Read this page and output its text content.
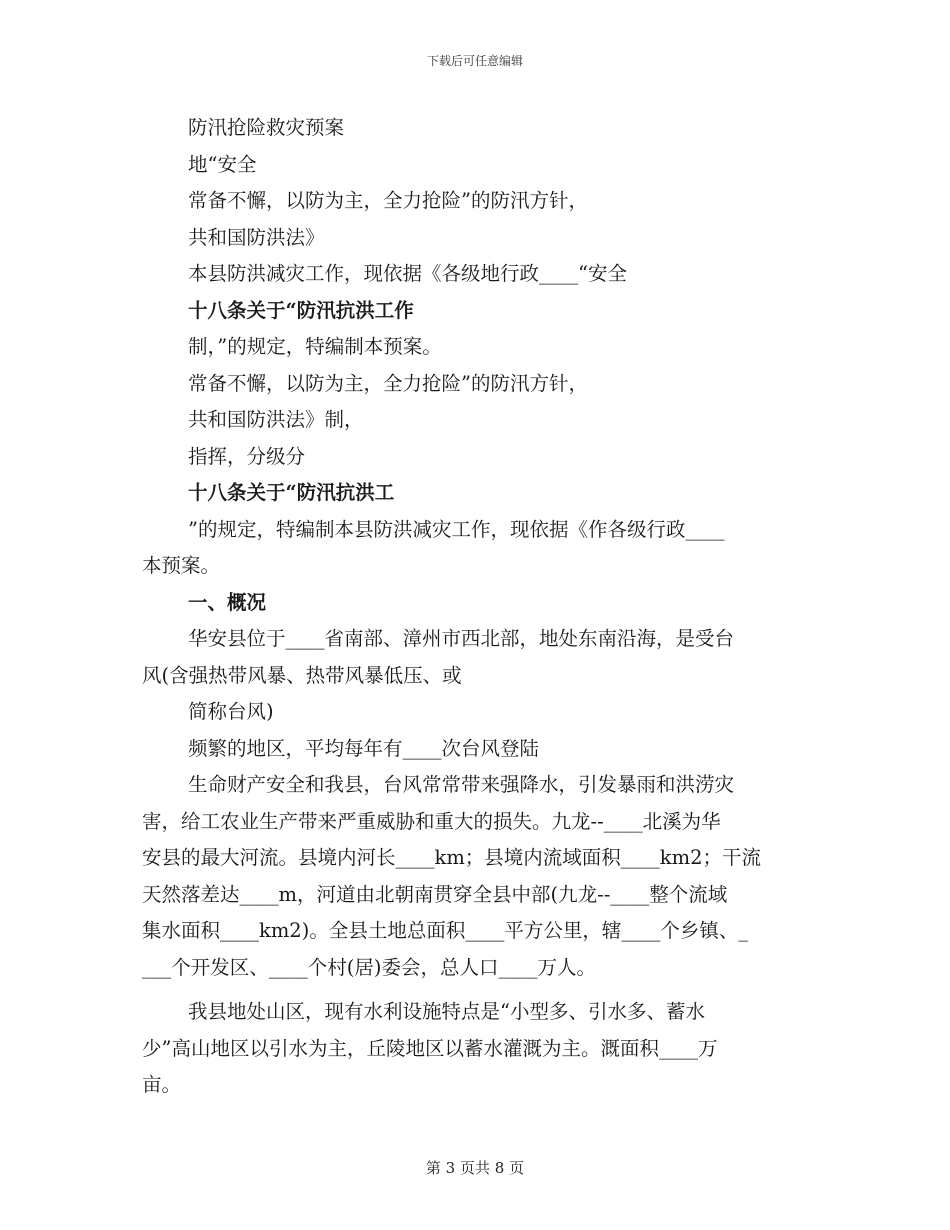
下载后可任意编辑
防汛抢险救灾预案
地“安全
常备不懈，以防为主，全力抢险”的防汛方针，
共和国防洪法》
本县防洪减灾工作，现依据《各级地行政____“安全
十八条关于“防汛抗洪工作
制，”的规定，特编制本预案。
常备不懈，以防为主，全力抢险”的防汛方针，
共和国防洪法》制，
指挥，分级分
十八条关于“防汛抗洪工
”的规定，特编制本县防洪减灾工作，现依据《作各级行政____
本预案。
一、概况
华安县位于____省南部、漳州市西北部，地处东南沿海，是受台
风(含强热带风暴、热带风暴低压、或
简称台风)
频繁的地区，平均每年有____次台风登陆
生命财产安全和我县，台风常常带来强降水，引发暴雨和洪涝灾
害，给工农业生产带来严重威胁和重大的损失。九龙--____北溪为华
安县的最大河流。县境内河长____km；县境内流域面积____km2；干流
天然落差达____m，河道由北朝南贯穿全县中部(九龙--____整个流域
集水面积____km2)。全县土地总面积____平方公里，辖____个乡镇、_
___个开发区、____个村(居)委会，总人口____万人。
我县地处山区，现有水利设施特点是“小型多、引水多、蓄水
少”高山地区以引水为主，丘陵地区以蓄水灌溉为主。溉面积____万
亩。
第 3 页共 8 页
